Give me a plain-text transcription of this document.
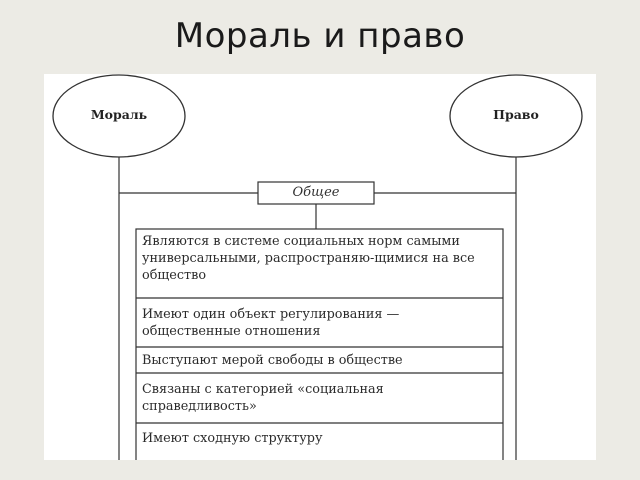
Мораль и право
Мораль	Право
Общее
Являются в системе социальных норм самыми универсальными, распространяю-щимися на все общество
Имеют один объект регулирования — общественные отношения
Выступают мерой свободы в обществе
Связаны с категорией «социальная справедливость»
Имеют сходную структуру
